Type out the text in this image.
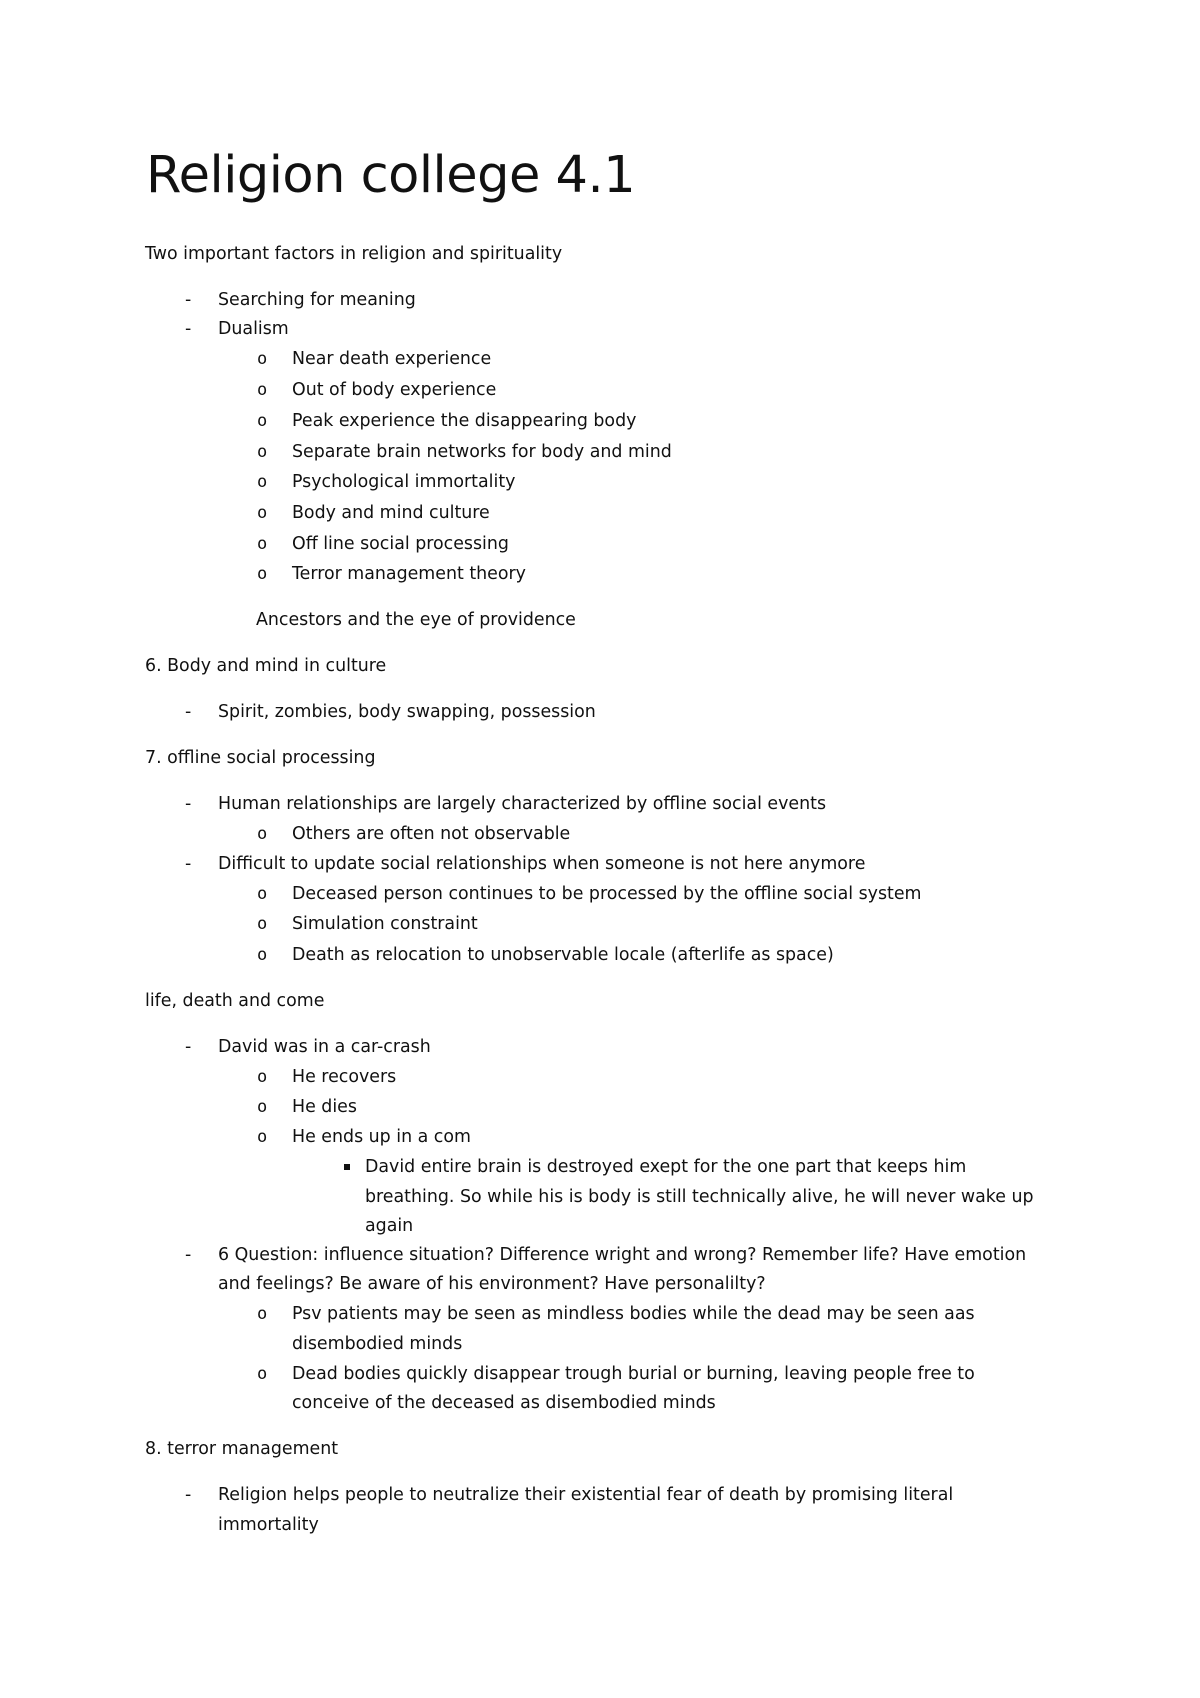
Religion college 4.1
Two important factors in religion and spirituality
- Searching for meaning
- Dualism
o Near death experience
o Out of body experience
o Peak experience the disappearing body
o Separate brain networks for body and mind
o Psychological immortality
o Body and mind culture
o Off line social processing
o Terror management theory
Ancestors and the eye of providence
6. Body and mind in culture
- Spirit, zombies, body swapping, possession
7. offline social processing
- Human relationships are largely characterized by offline social events
o Others are often not observable
- Difficult to update social relationships when someone is not here anymore
o Deceased person continues to be processed by the offline social system
o Simulation constraint
o Death as relocation to unobservable locale (afterlife as space)
life, death and come
- David was in a car-crash
o He recovers
o He dies
o He ends up in a com
David entire brain is destroyed exept for the one part that keeps him
breathing. So while his is body is still technically alive, he will never wake up
again
- 6 Question: influence situation? Difference wright and wrong? Remember life? Have emotion
and feelings? Be aware of his environment? Have personalilty?
o Psv patients may be seen as mindless bodies while the dead may be seen aas
disembodied minds
o Dead bodies quickly disappear trough burial or burning, leaving people free to
conceive of the deceased as disembodied minds
8. terror management
- Religion helps people to neutralize their existential fear of death by promising literal
immortality
